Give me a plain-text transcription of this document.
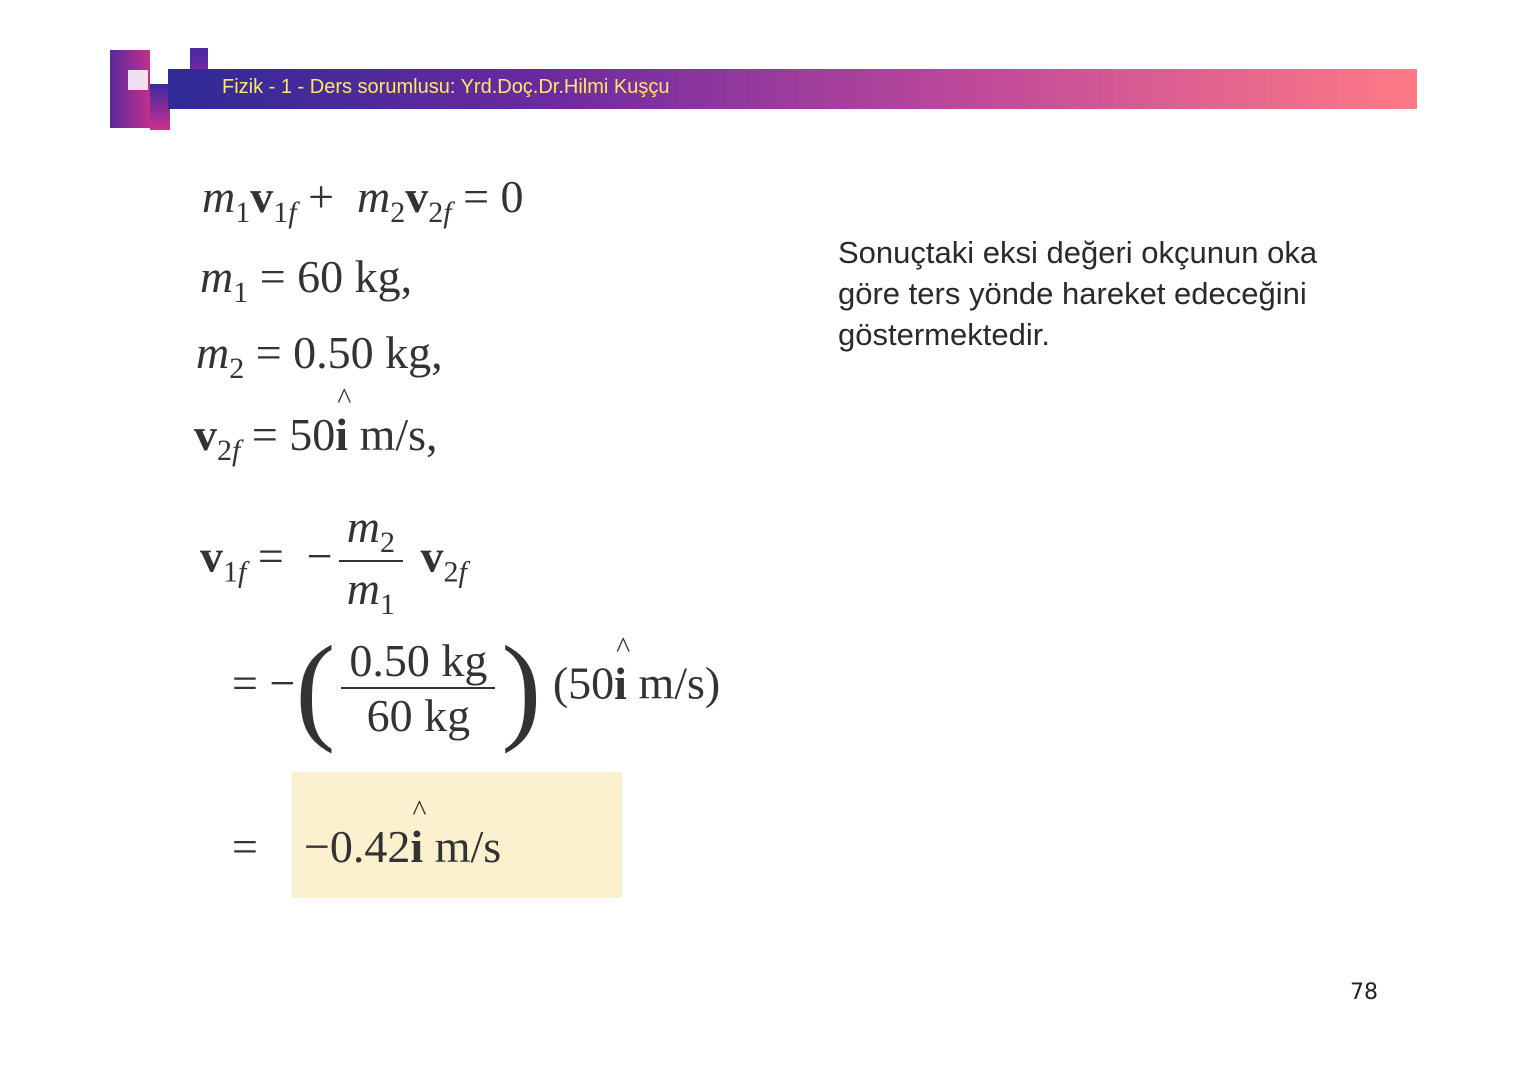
Fizik - 1 - Ders sorumlusu: Yrd.Doç.Dr.Hilmi Kuşçu
$m_1v_{1f} + m_2v_{2f} = 0$
$m_1 = 60$ kg,
$m_2 = 0.50$ kg,
$v_{2f}$ = 50^ i m/s,
$v_{1f}$ =  − $\frac{m_2}{m_1} v_{2f}$
= −( $\frac{0.50 kg}{60 kg}$ ) (50^ i m/s)
=    −0.42^ i m/s
Sonuçtaki eksi değeri okçunun oka göre ters yönde hareket edeceğini göstermektedir.
78
